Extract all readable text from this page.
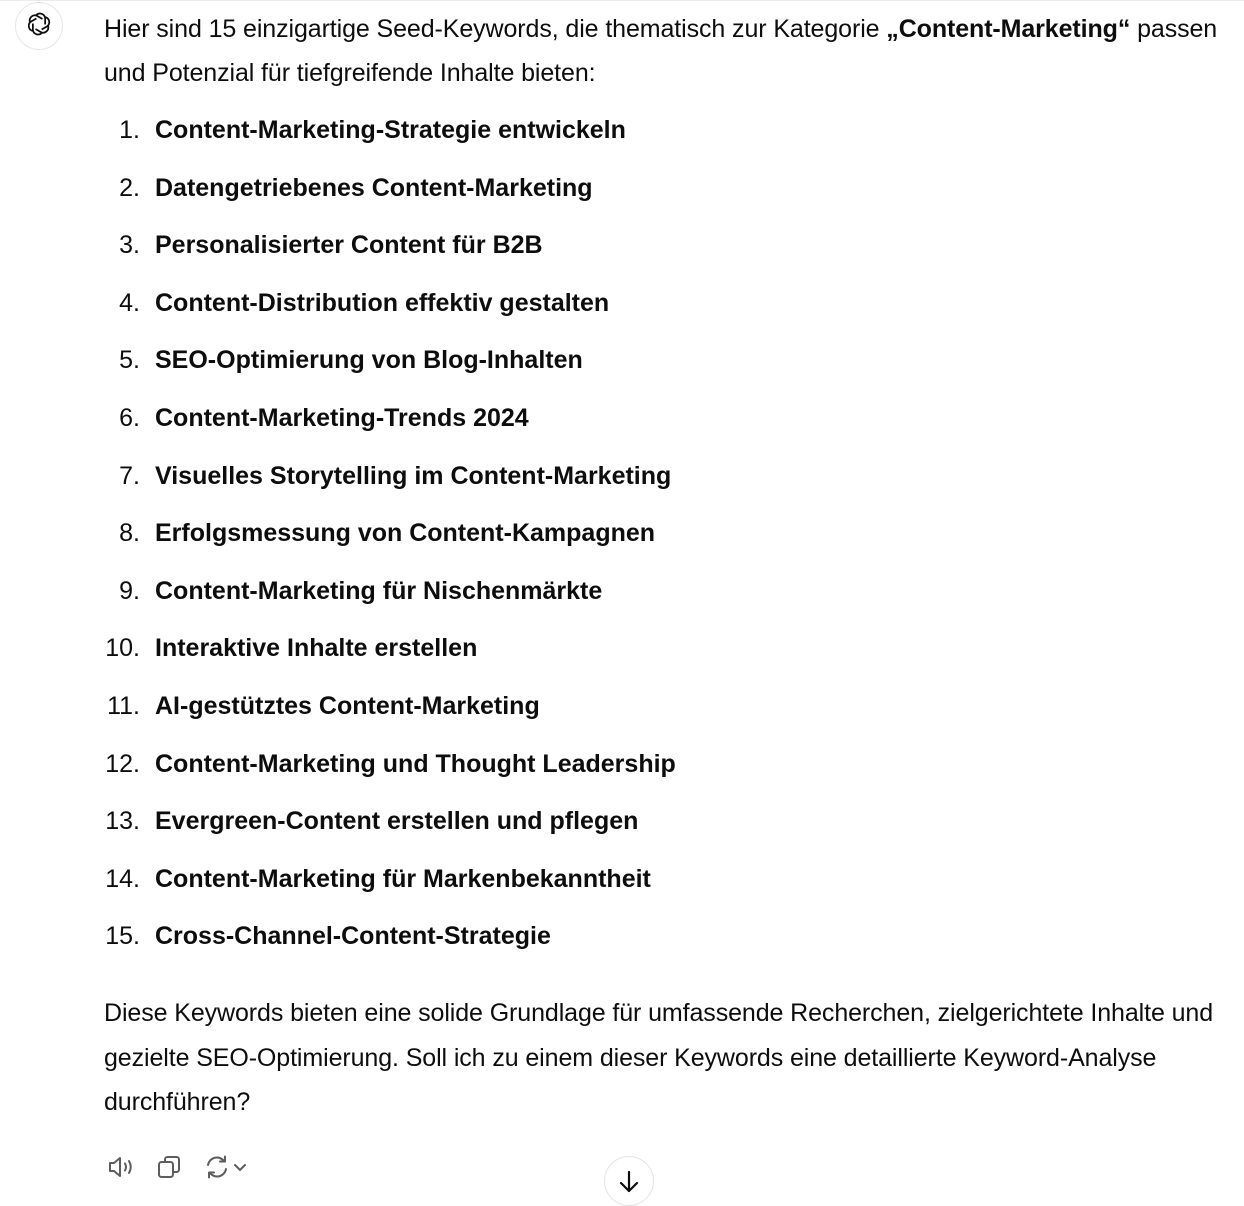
Hier sind 15 einzigartige Seed-Keywords, die thematisch zur Kategorie „Content-Marketing“ passen und Potenzial für tiefgreifende Inhalte bieten:

1. Content-Marketing-Strategie entwickeln
2. Datengetriebenes Content-Marketing
3. Personalisierter Content für B2B
4. Content-Distribution effektiv gestalten
5. SEO-Optimierung von Blog-Inhalten
6. Content-Marketing-Trends 2024
7. Visuelles Storytelling im Content-Marketing
8. Erfolgsmessung von Content-Kampagnen
9. Content-Marketing für Nischenmärkte
10. Interaktive Inhalte erstellen
11. AI-gestütztes Content-Marketing
12. Content-Marketing und Thought Leadership
13. Evergreen-Content erstellen und pflegen
14. Content-Marketing für Markenbekanntheit
15. Cross-Channel-Content-Strategie

Diese Keywords bieten eine solide Grundlage für umfassende Recherchen, zielgerichtete Inhalte und gezielte SEO-Optimierung. Soll ich zu einem dieser Keywords eine detaillierte Keyword-Analyse durchführen?
